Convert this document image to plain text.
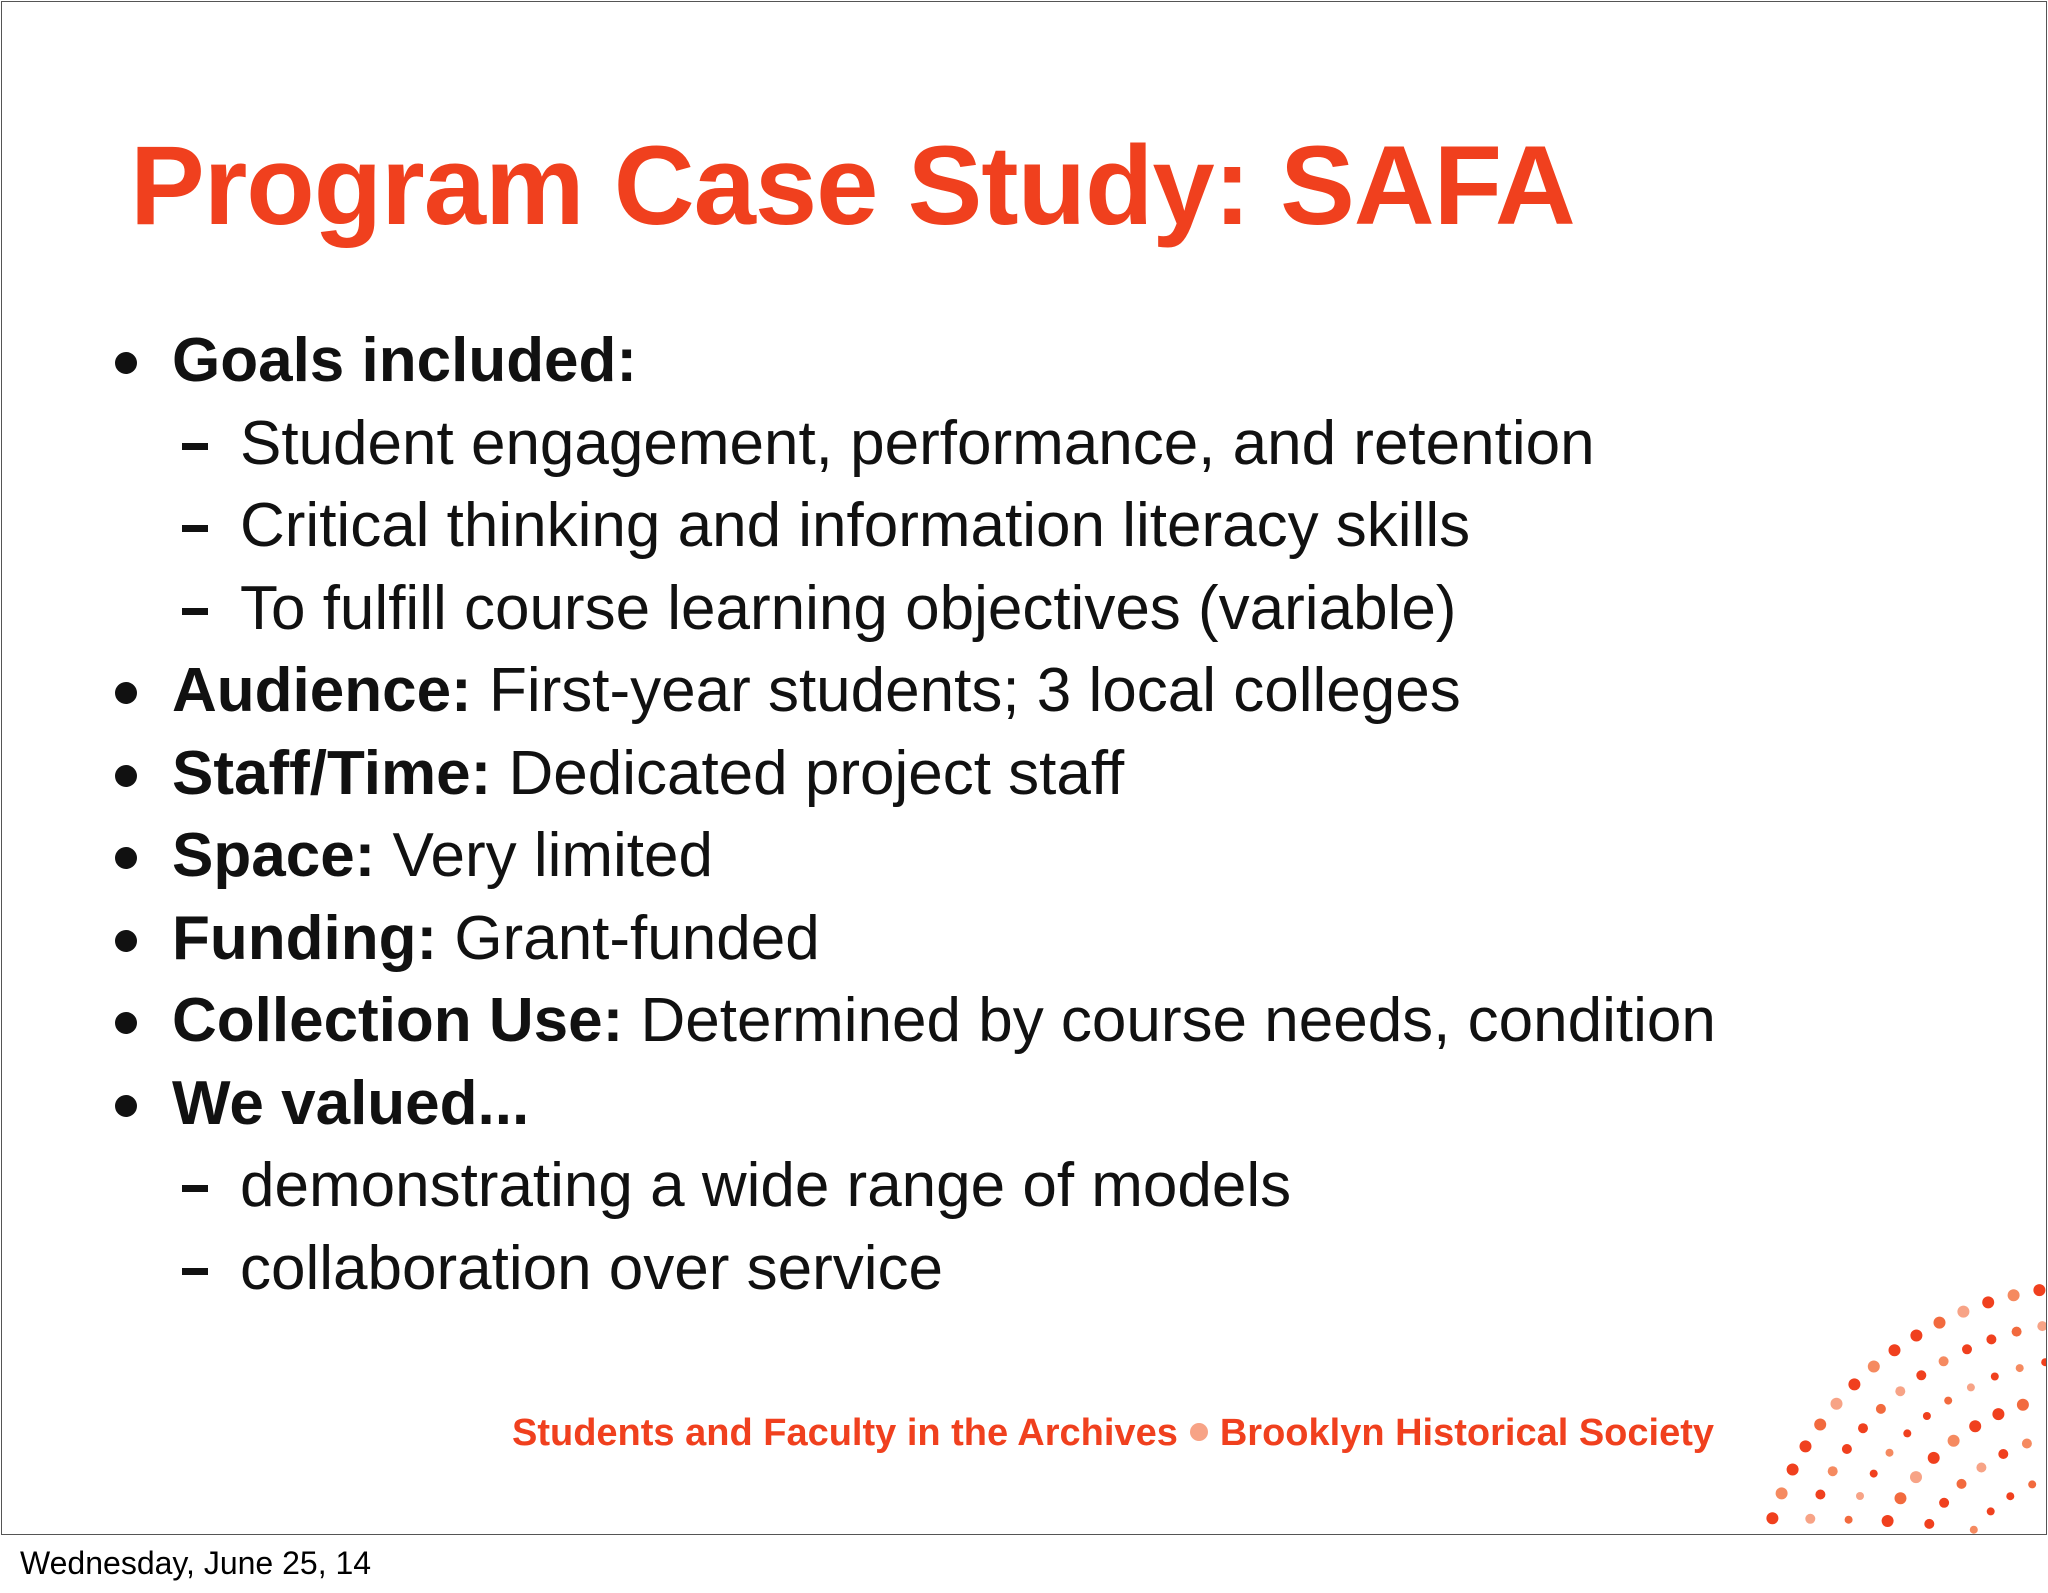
Program Case Study: SAFA
Goals included:
Student engagement, performance, and retention
Critical thinking and information literacy skills
To fulfill course learning objectives (variable)
Audience: First-year students; 3 local colleges
Staff/Time: Dedicated project staff
Space: Very limited
Funding: Grant-funded
Collection Use: Determined by course needs, condition
We valued...
demonstrating a wide range of models
collaboration over service
Students and Faculty in the Archives Brooklyn Historical Society
Wednesday, June 25, 14
